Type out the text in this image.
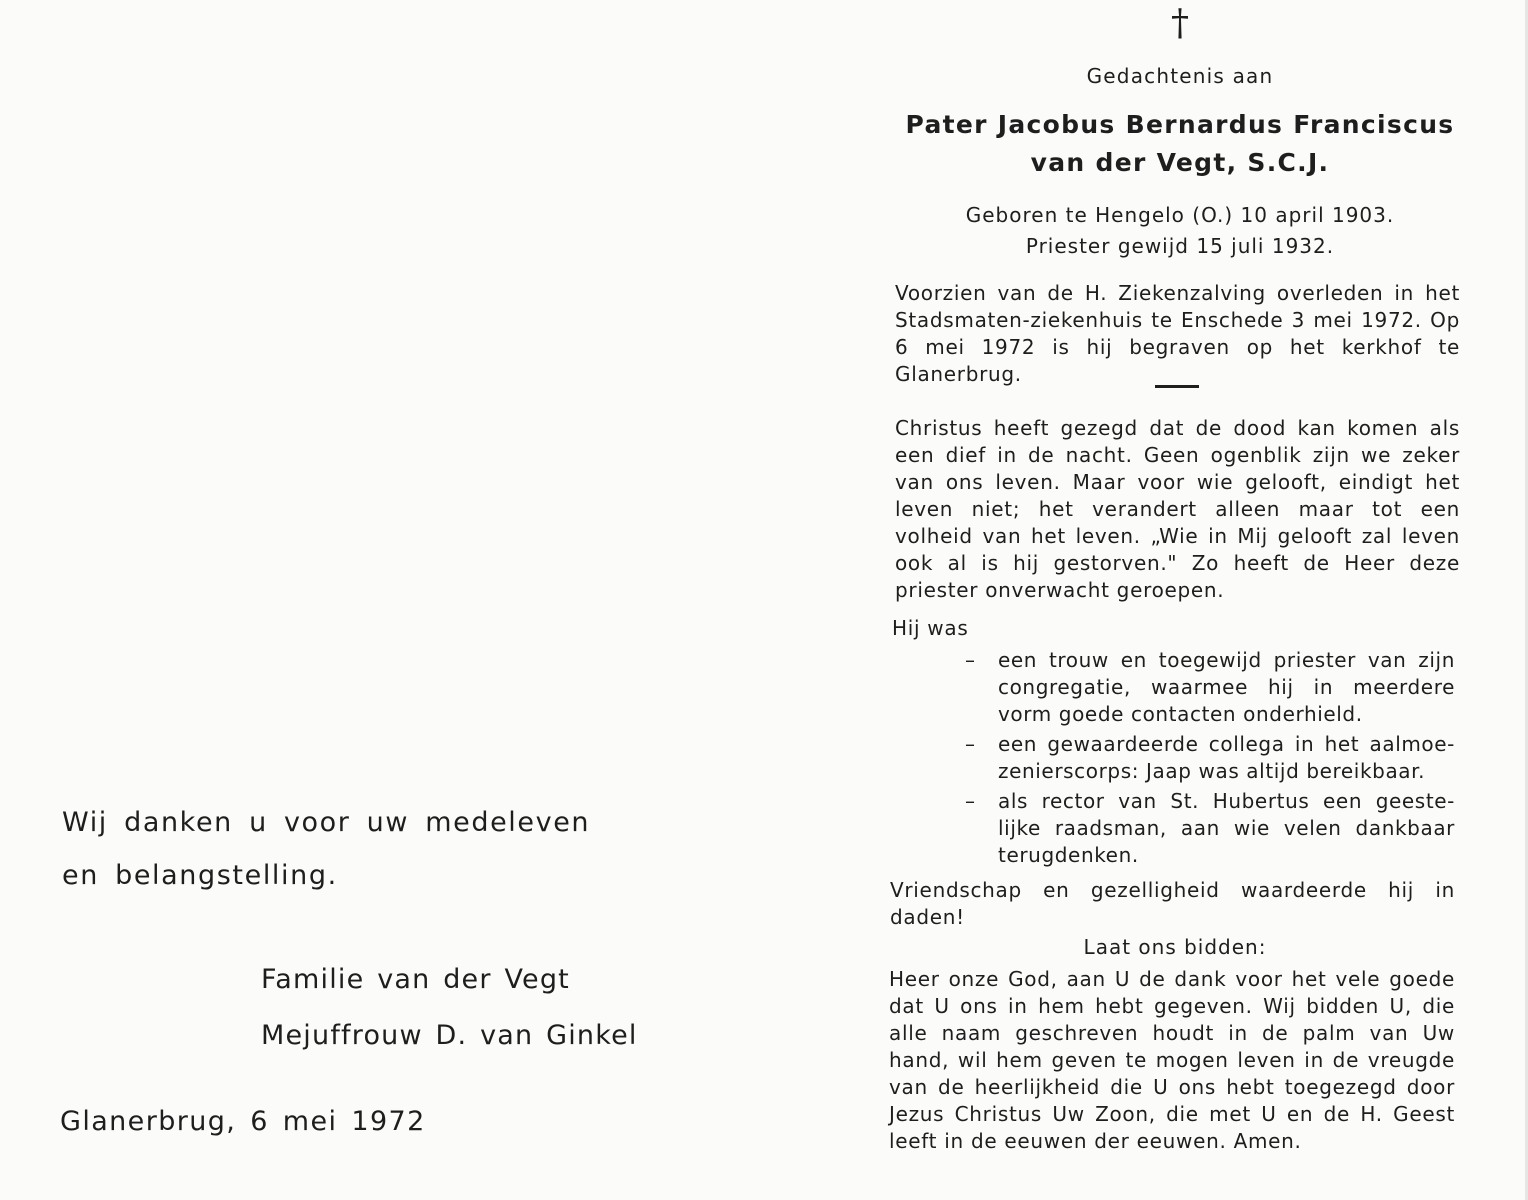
Wij danken u voor uw medeleven en belangstelling.
Familie van der Vegt
Mejuffrouw D. van Ginkel
Glanerbrug, 6 mei 1972
†
Gedachtenis aan
Pater Jacobus Bernardus Franciscus
van der Vegt, S.C.J.
Geboren te Hengelo (O.) 10 april 1903.
Priester gewijd 15 juli 1932.
Voorzien van de H. Ziekenzalving overleden in het Stadsmaten-ziekenhuis te Enschede 3 mei 1972. Op 6 mei 1972 is hij begraven op het kerkhof te Glanerbrug.
Christus heeft gezegd dat de dood kan komen als een dief in de nacht. Geen ogenblik zijn we zeker van ons leven. Maar voor wie gelooft, eindigt het leven niet; het verandert alleen maar tot een volheid van het leven. „Wie in Mij gelooft zal leven ook al is hij gestorven." Zo heeft de Heer deze priester onverwacht geroepen.
Hij was
– een trouw en toegewijd priester van zijn congregatie, waarmee hij in meerdere vorm goede contacten onderhield.
– een gewaardeerde collega in het aalmoe-zenierscorps: Jaap was altijd bereikbaar.
– als rector van St. Hubertus een geeste-lijke raadsman, aan wie velen dankbaar terugdenken.
Vriendschap en gezelligheid waardeerde hij in daden!
Laat ons bidden:
Heer onze God, aan U de dank voor het vele goede dat U ons in hem hebt gegeven. Wij bidden U, die alle naam geschreven houdt in de palm van Uw hand, wil hem geven te mogen leven in de vreugde van de heerlijkheid die U ons hebt toegezegd door Jezus Christus Uw Zoon, die met U en de H. Geest leeft in de eeuwen der eeuwen. Amen.
